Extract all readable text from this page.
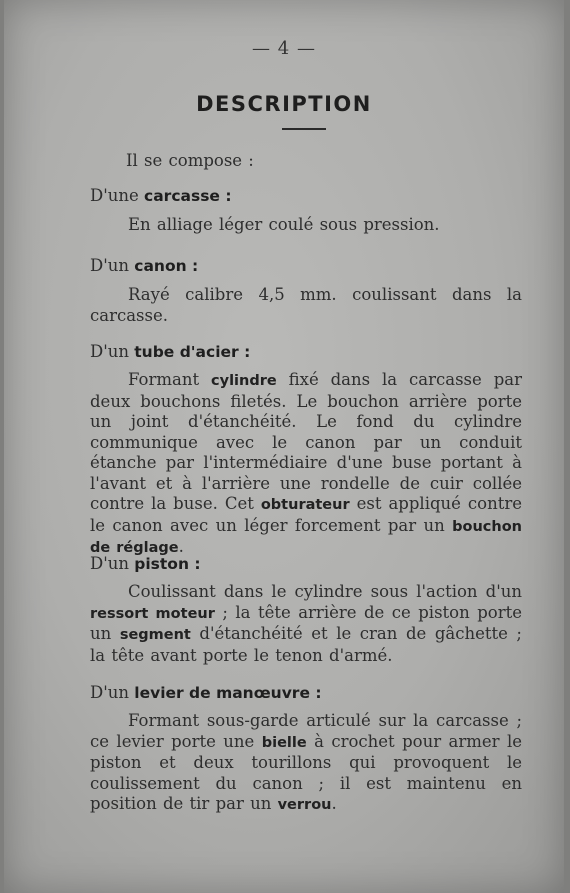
— 4 —
DESCRIPTION
Il se compose :
D'une carcasse :
En alliage léger coulé sous pression.
D'un canon :
Rayé calibre 4,5 mm. coulissant dans la carcasse.
D'un tube d'acier :
Formant cylindre fixé dans la carcasse par deux bouchons filetés. Le bouchon arrière porte un joint d'étanchéité. Le fond du cylindre communique avec le canon par un conduit étanche par l'intermédiaire d'une buse portant à l'avant et à l'arrière une rondelle de cuir collée contre la buse. Cet obturateur est appliqué contre le canon avec un léger forcement par un bouchon de réglage.
D'un piston :
Coulissant dans le cylindre sous l'action d'un ressort moteur ; la tête arrière de ce piston porte un segment d'étanchéité et le cran de gâchette ; la tête avant porte le tenon d'armé.
D'un levier de manœuvre :
Formant sous-garde articulé sur la carcasse ; ce levier porte une bielle à crochet pour armer le piston et deux tourillons qui provoquent le coulissement du canon ; il est maintenu en position de tir par un verrou.
